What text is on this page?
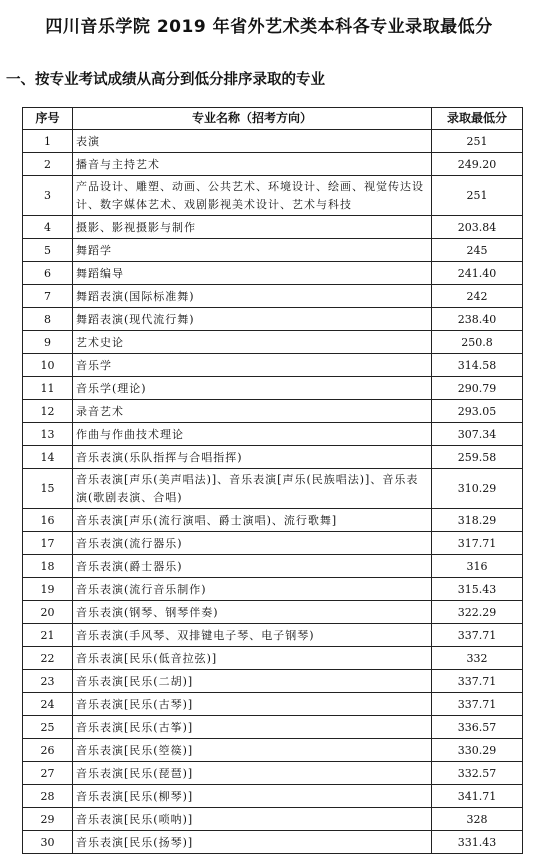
四川音乐学院 2019 年省外艺术类本科各专业录取最低分
一、按专业考试成绩从高分到低分排序录取的专业
序号	专业名称（招考方向）	录取最低分
1	表演	251
2	播音与主持艺术	249.20
3	产品设计、雕塑、动画、公共艺术、环境设计、绘画、视觉传达设计、数字媒体艺术、戏剧影视美术设计、艺术与科技	251
4	摄影、影视摄影与制作	203.84
5	舞蹈学	245
6	舞蹈编导	241.40
7	舞蹈表演(国际标准舞)	242
8	舞蹈表演(现代流行舞)	238.40
9	艺术史论	250.8
10	音乐学	314.58
11	音乐学(理论)	290.79
12	录音艺术	293.05
13	作曲与作曲技术理论	307.34
14	音乐表演(乐队指挥与合唱指挥)	259.58
15	音乐表演[声乐(美声唱法)]、音乐表演[声乐(民族唱法)]、音乐表演(歌剧表演、合唱)	310.29
16	音乐表演[声乐(流行演唱、爵士演唱)、流行歌舞]	318.29
17	音乐表演(流行器乐)	317.71
18	音乐表演(爵士器乐)	316
19	音乐表演(流行音乐制作)	315.43
20	音乐表演(钢琴、钢琴伴奏)	322.29
21	音乐表演(手风琴、双排键电子琴、电子钢琴)	337.71
22	音乐表演[民乐(低音拉弦)]	332
23	音乐表演[民乐(二胡)]	337.71
24	音乐表演[民乐(古琴)]	337.71
25	音乐表演[民乐(古筝)]	336.57
26	音乐表演[民乐(箜篌)]	330.29
27	音乐表演[民乐(琵琶)]	332.57
28	音乐表演[民乐(柳琴)]	341.71
29	音乐表演[民乐(唢呐)]	328
30	音乐表演[民乐(扬琴)]	331.43
